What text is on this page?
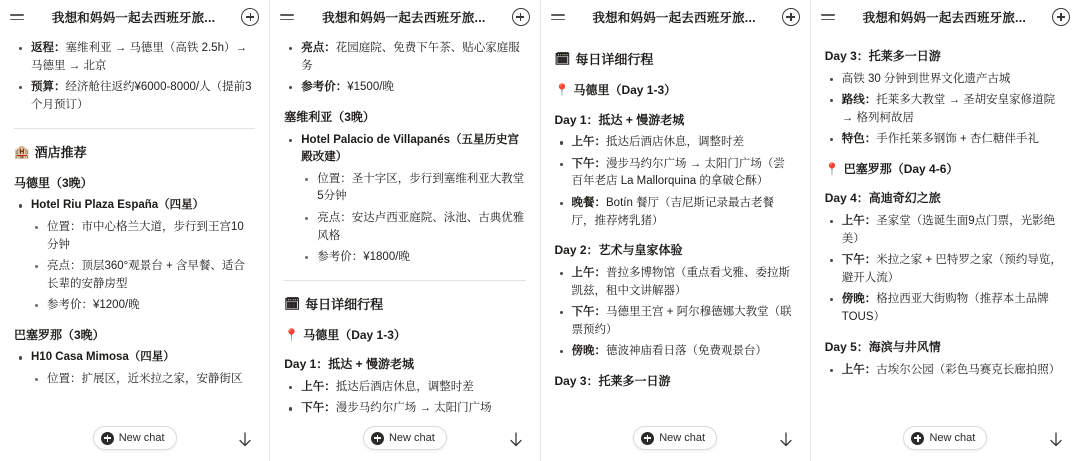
我想和妈妈一起去西班牙旅...
返程：塞维利亚 → 马德里（高铁 2.5h）→ 马德里 → 北京
预算：经济舱往返约¥6000-8000/人（提前3个月预订）
🏨 酒店推荐
马德里（3晚）
Hotel Riu Plaza España（四星）
位置：市中心格兰大道，步行到王宫10分钟
亮点：顶层360°观景台 + 含早餐、适合长辈的安静房型
参考价：¥1200/晚
巴塞罗那（3晚）
H10 Casa Mimosa（四星）
位置：扩展区，近米拉之家，安静街区
New chat
我想和妈妈一起去西班牙旅...
亮点：花园庭院、免费下午茶、贴心家庭服务
参考价：¥1500/晚
塞维利亚（3晚）
Hotel Palacio de Villapanés（五星历史宫殿改建）
位置：圣十字区，步行到塞维利亚大教堂5分钟
亮点：安达卢西亚庭院、泳池、古典优雅风格
参考价：¥1800/晚
🗓 每日详细行程
📍 马德里（Day 1-3）
Day 1：抵达 + 慢游老城
上午：抵达后酒店休息，调整时差
下午：漫步马约尔广场 → 太阳门广场
New chat
我想和妈妈一起去西班牙旅...
🗓 每日详细行程
📍 马德里（Day 1-3）
Day 1：抵达 + 慢游老城
上午：抵达后酒店休息，调整时差
下午：漫步马约尔广场 → 太阳门广场（尝百年老店 La Mallorquina 的拿破仑酥）
晚餐：Botín 餐厅（吉尼斯记录最古老餐厅，推荐烤乳猪）
Day 2：艺术与皇家体验
上午：普拉多博物馆（重点看戈雅、委拉斯凯兹，租中文讲解器）
下午：马德里王宫 + 阿尔穆德娜大教堂（联票预约）
傍晚：德波神庙看日落（免费观景台）
Day 3：托莱多一日游
New chat
我想和妈妈一起去西班牙旅...
Day 3：托莱多一日游
高铁 30 分钟到世界文化遗产古城
路线：托莱多大教堂 → 圣胡安皇家修道院 → 格列柯故居
特色：手作托莱多钢饰 + 杏仁糖伴手礼
📍 巴塞罗那（Day 4-6）
Day 4：高迪奇幻之旅
上午：圣家堂（选诞生面9点门票，光影绝美）
下午：米拉之家 + 巴特罗之家（预约导览，避开人流）
傍晚：格拉西亚大街购物（推荐本土品牌 TOUS）
Day 5：海滨与井风情
上午：古埃尔公园（彩色马赛克长廊拍照）
New chat
